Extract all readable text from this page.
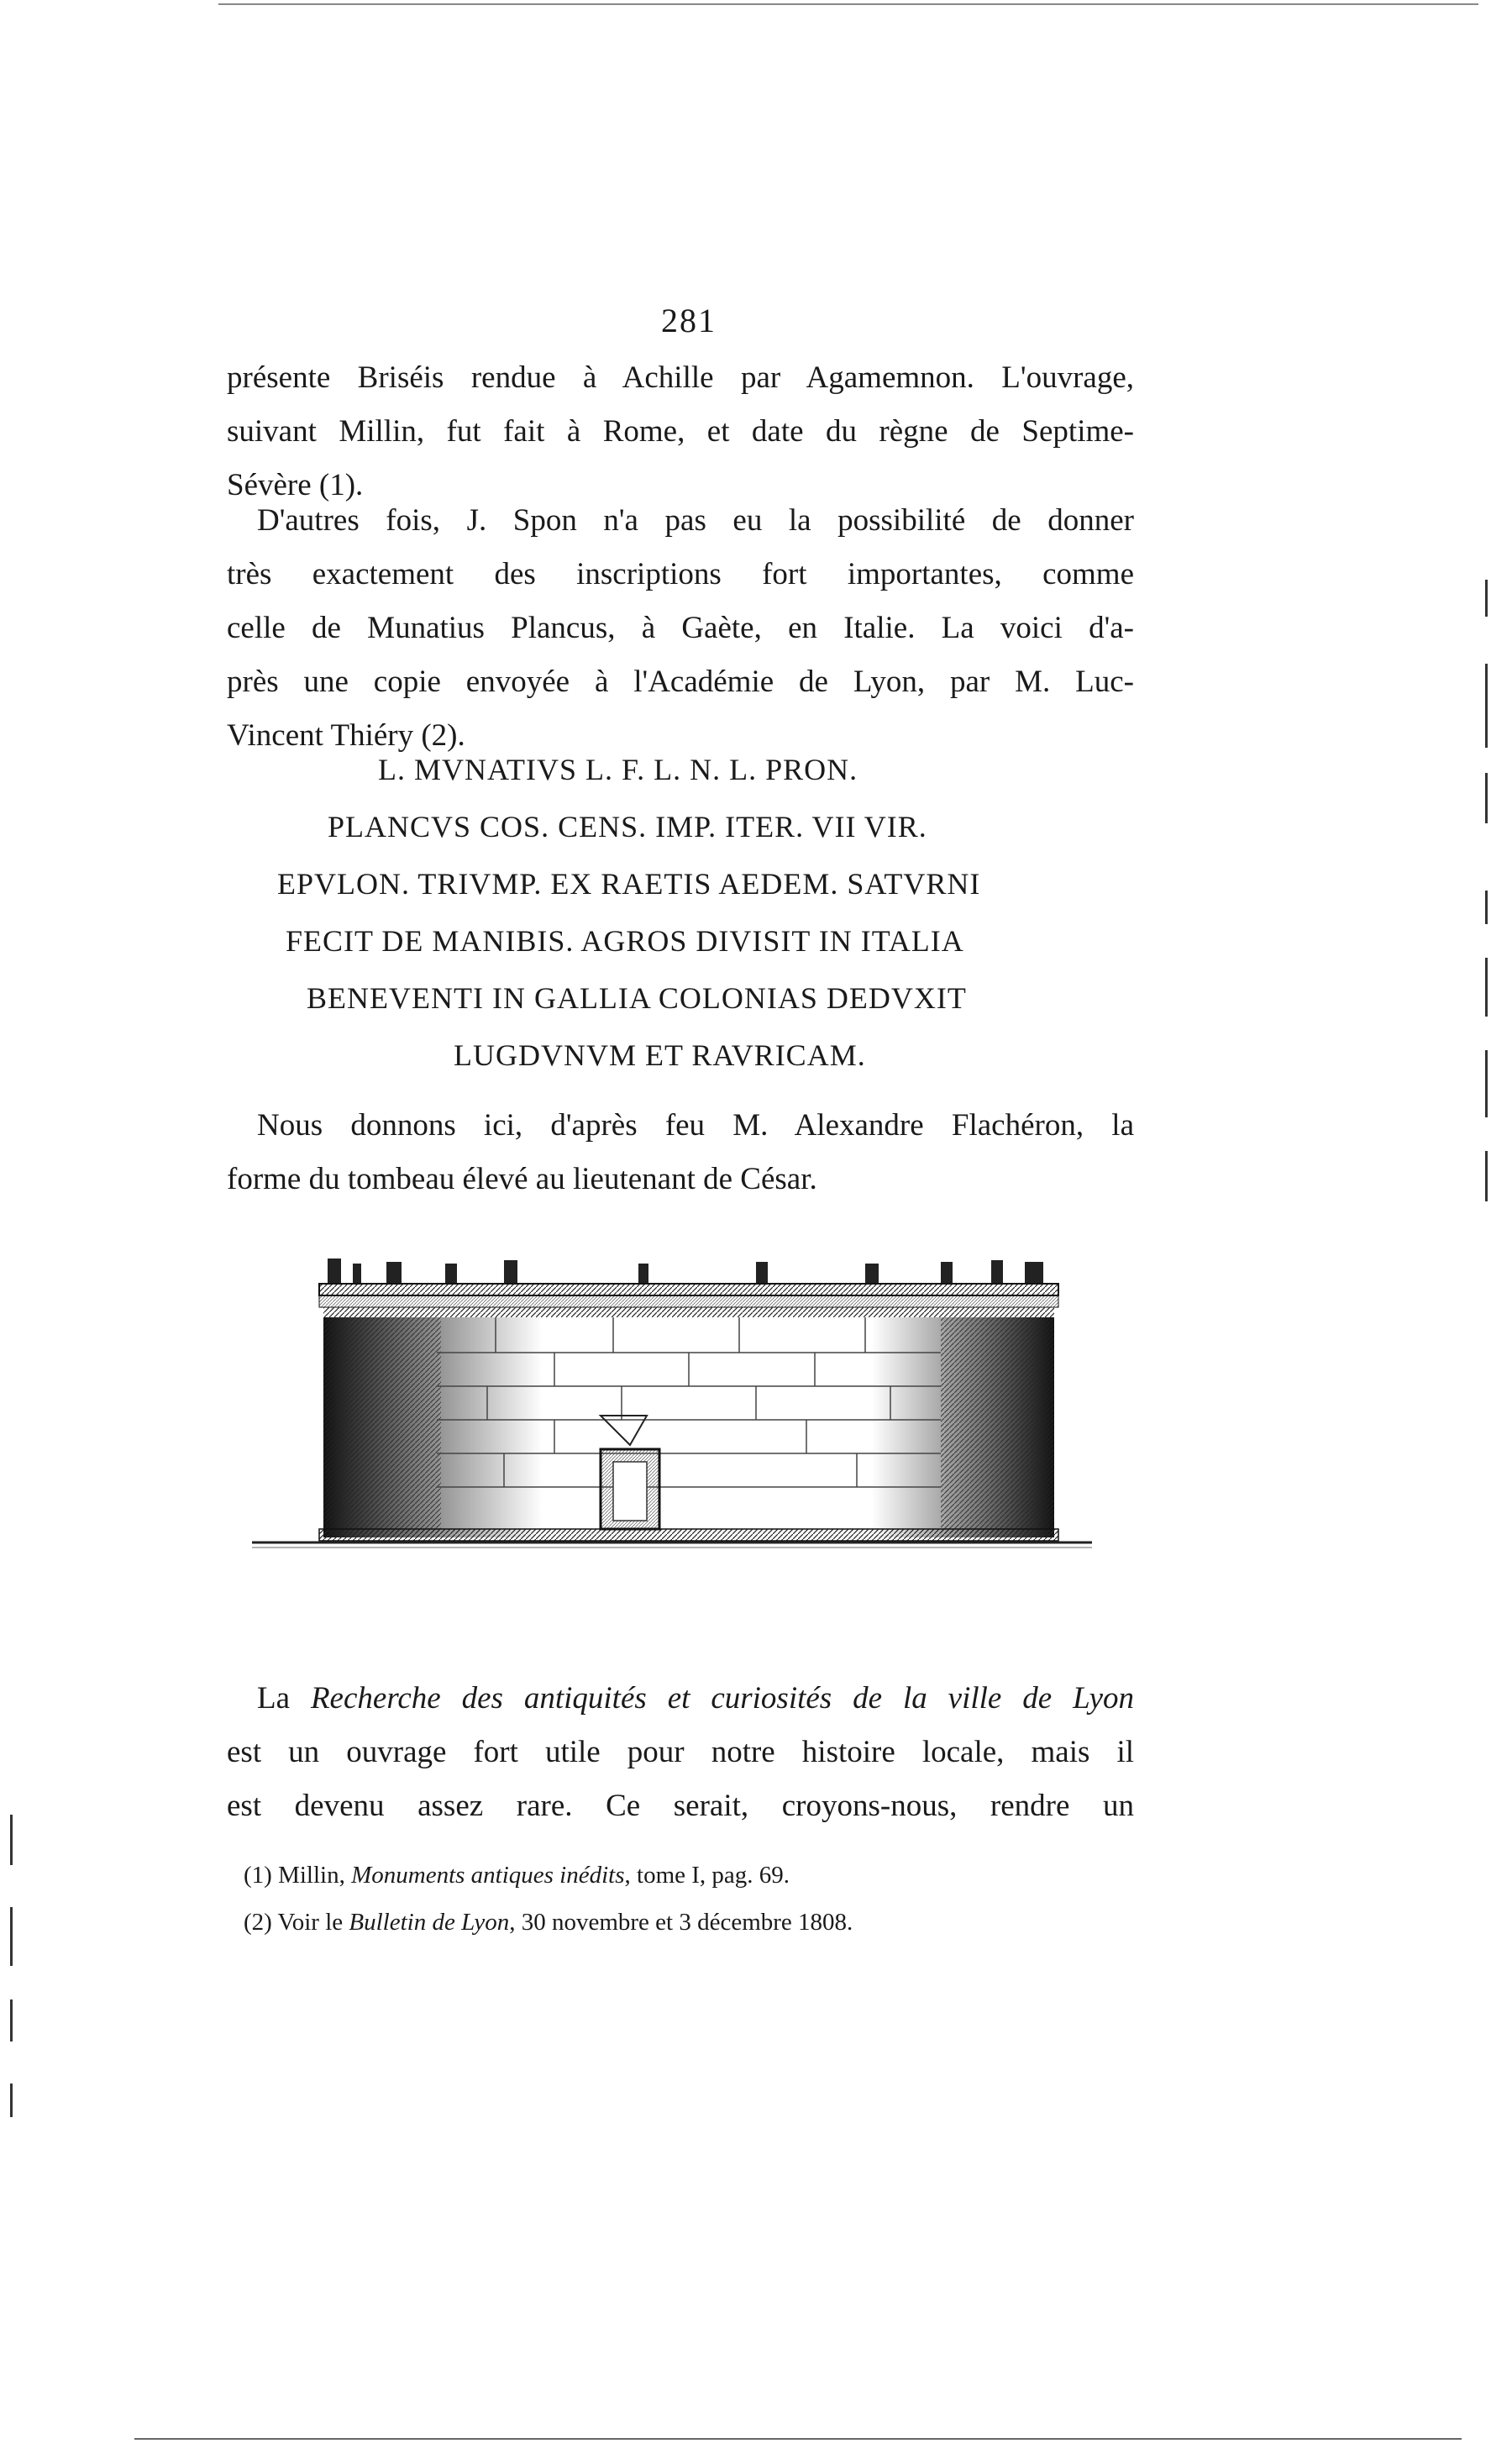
281
présente Briséis rendue à Achille par Agamemnon. L'ouvrage,
suivant Millin, fut fait à Rome, et date du règne de Septime-
Sévère (1).
D'autres fois, J. Spon n'a pas eu la possibilité de donner
très exactement des inscriptions fort importantes, comme
celle de Munatius Plancus, à Gaète, en Italie. La voici d'a-
près une copie envoyée à l'Académie de Lyon, par M. Luc-
Vincent Thiéry (2).
L. MVNATIVS L. F. L. N. L. PRON.
PLANCVS COS. CENS. IMP. ITER. VII VIR.
EPVLON. TRIVMP. EX RAETIS AEDEM. SATVRNI
FECIT DE MANIBIS. AGROS DIVISIT IN ITALIA
BENEVENTI IN GALLIA COLONIAS DEDVXIT
LUGDVNVM ET RAVRICAM.
Nous donnons ici, d'après feu M. Alexandre Flachéron, la
forme du tombeau élevé au lieutenant de César.
La Recherche des antiquités et curiosités de la ville de Lyon
est un ouvrage fort utile pour notre histoire locale, mais il
est devenu assez rare. Ce serait, croyons-nous, rendre un
(1) Millin, Monuments antiques inédits, tome I, pag. 69.
(2) Voir le Bulletin de Lyon, 30 novembre et 3 décembre 1808.
